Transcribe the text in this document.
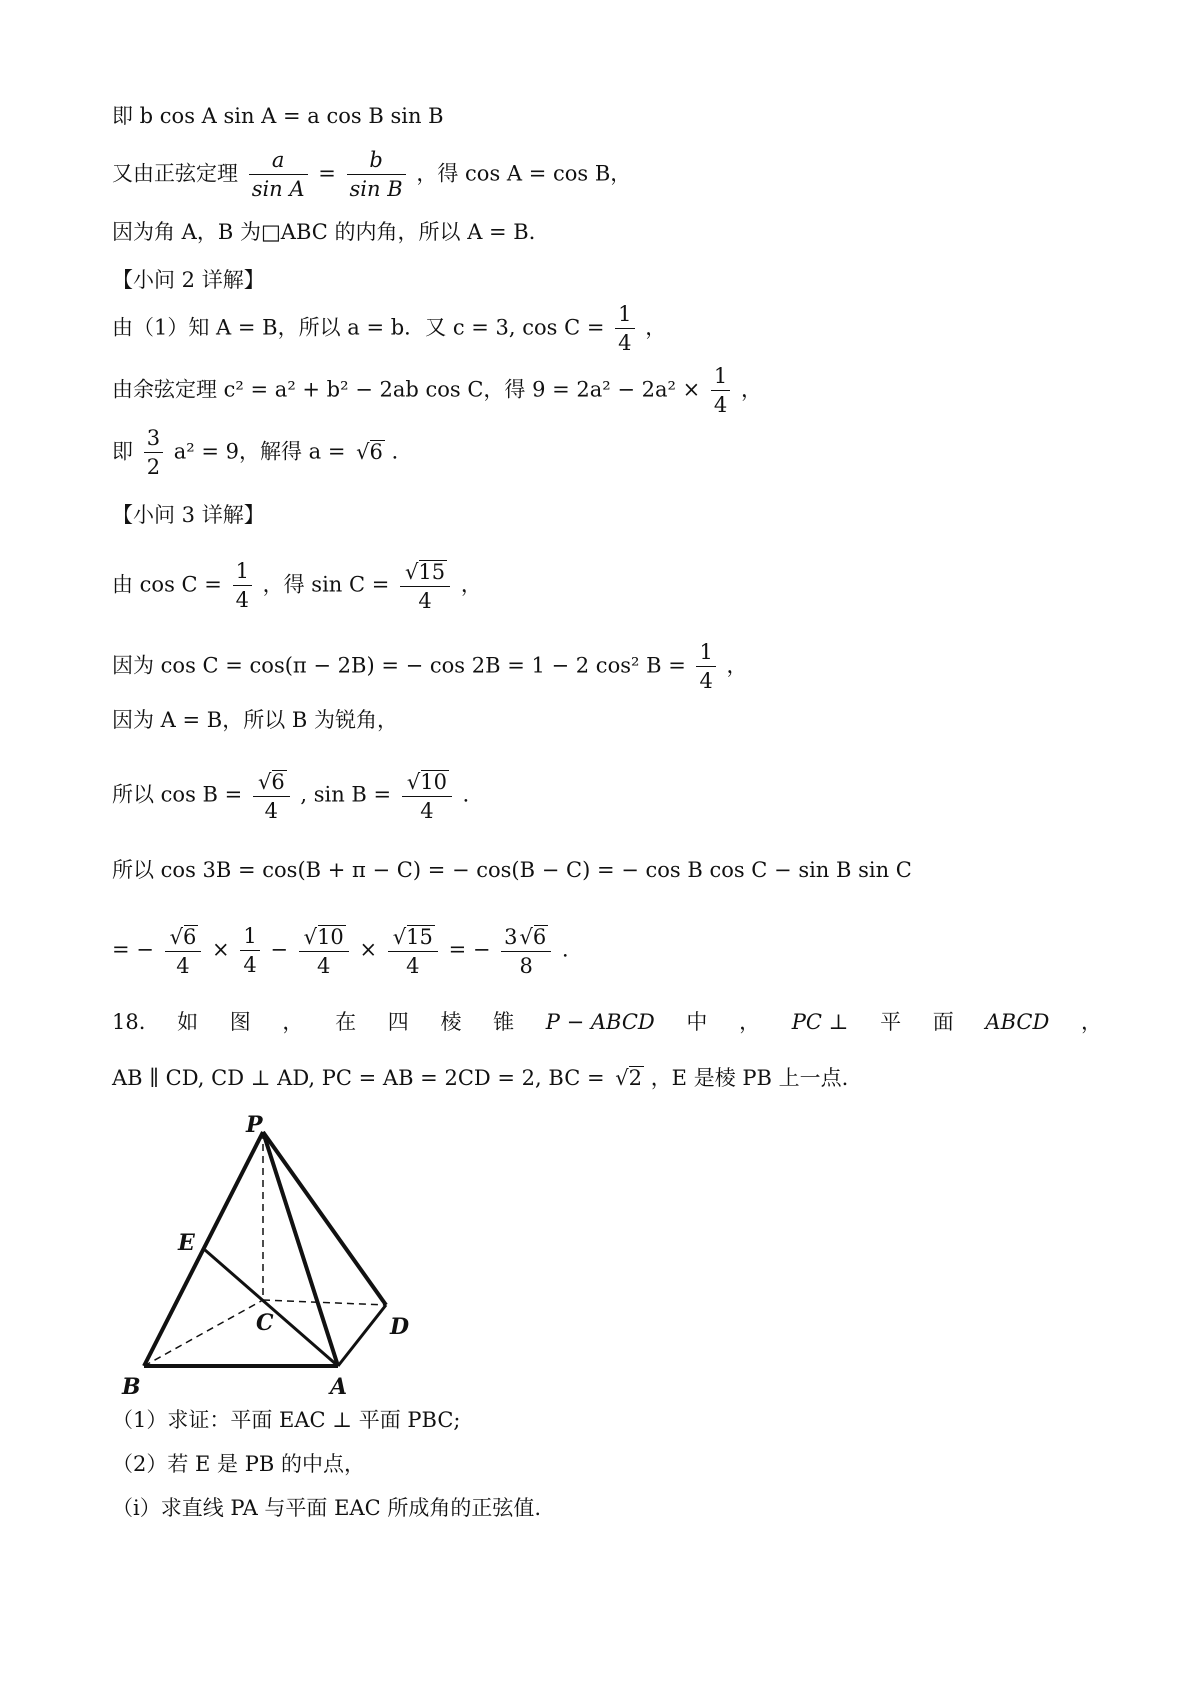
即 b cos A sin A = a cos B sin B
又由正弦定理 $\frac{a}{\text{sin A}} = \frac{b}{\text{sin B}}$ ，得 cos A = cos B，
因为角 A，B 为□ABC 的内角，所以 A = B．
【小问 2 详解】
由（1）知 A = B，所以 a = b．又 c = 3, $\cos C = \frac{1}{4}$ ，
由余弦定理 c² = a² + b² − 2ab cos C，得 $9 = 2a^2 - 2a^2 \times \frac{1}{4}$ ，
即 $\frac{3}{2} a^2 = 9$，解得 a = √ 6 ．
【小问 3 详解】
由 $\cos C = \frac{1}{4}$ ，得 sin C = √ $\frac{15}{4}$ ，
因为 cos C = cos(π − 2B) = − cos 2B = 1 − 2 cos² $B = \frac{1}{4}$ ，
因为 A = B，所以 B 为锐角，
所以 cos B = √ $\frac{6}{4}$ , sin B = √ $\frac{10}{4}$ ．
所以 cos 3B = cos(B + π − C) = − cos(B − C) = − cos B cos C − sin B sin C
= − √ $\frac{6}{4} \times \frac{1}{4}$ − √ $\frac{10}{4}$ × √ $\frac{15}{4}$ = − $\frac{3 √ 6}{8}$ ．
18. 如 图 ， 在 四 棱 锥 P − ABCD 中 ， PC ⊥ 平 面 ABCD ，
AB ∥ CD, CD ⊥ AD, PC = AB = 2CD = 2, BC = √ 2 ，E 是棱 PB 上一点.
P
E
C	D
B	A
（1）求证：平面 EAC ⊥ 平面 PBC;
（2）若 E 是 PB 的中点，
（i）求直线 PA 与平面 EAC 所成角的正弦值.
